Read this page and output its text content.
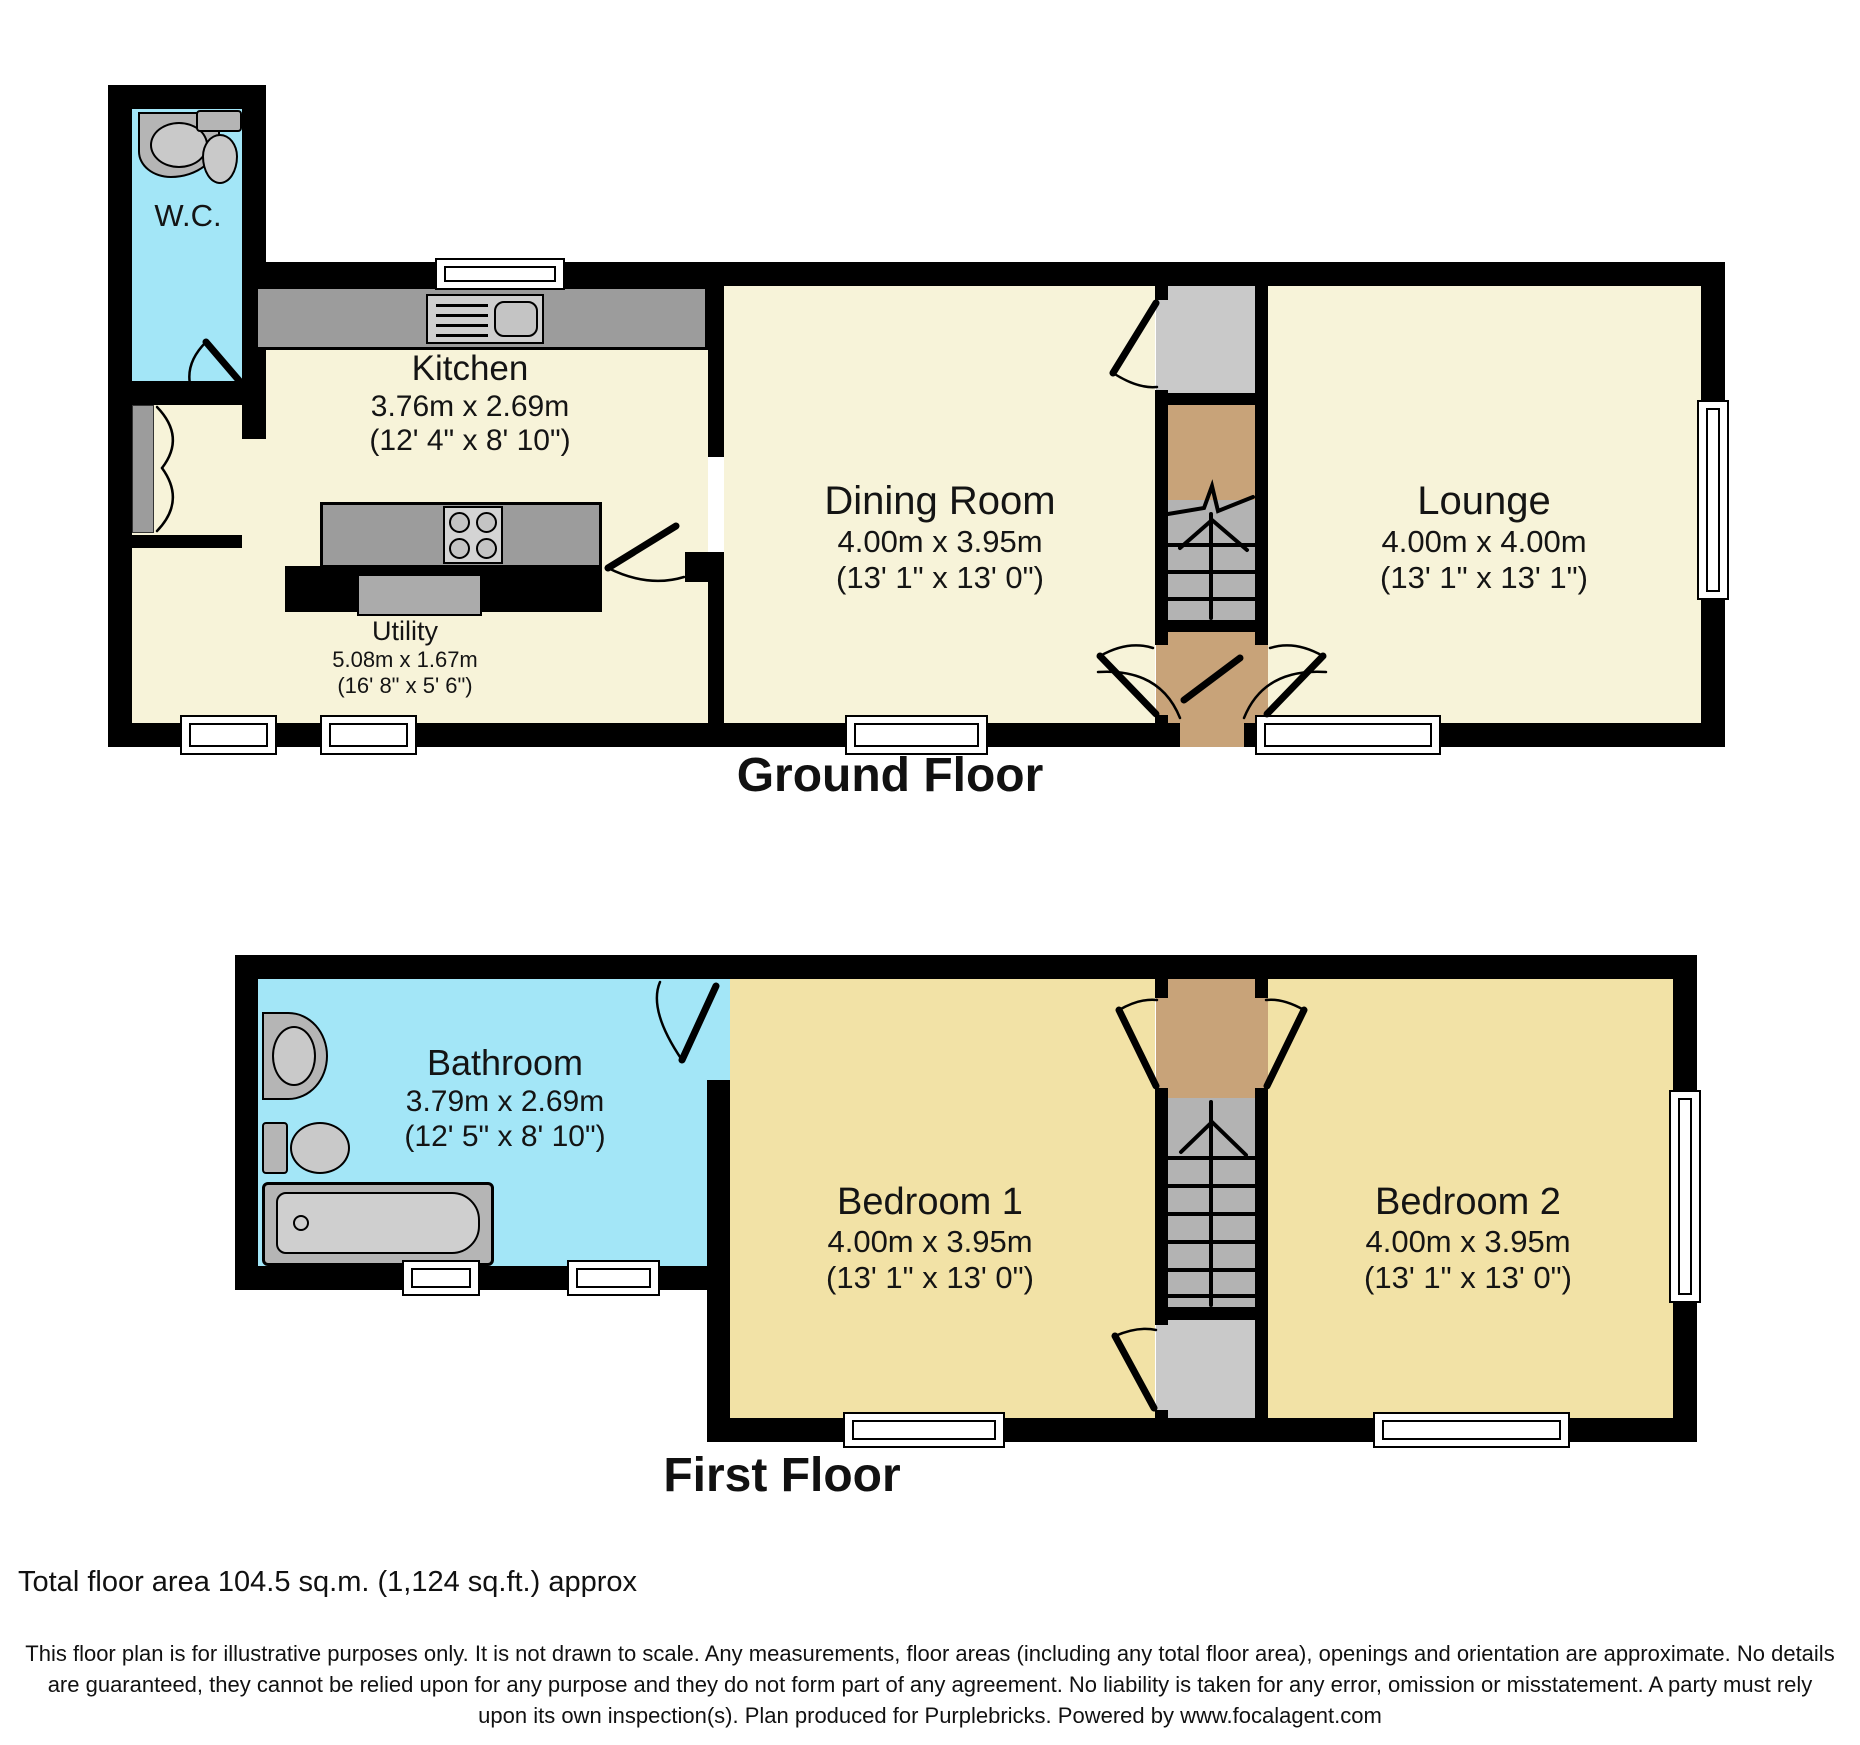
W.C.
Kitchen
3.76m x 2.69m
(12' 4" x 8' 10")
Utility
5.08m x 1.67m
(16' 8" x 5' 6")
Dining Room
4.00m x 3.95m
(13' 1" x 13' 0")
Lounge
4.00m x 4.00m
(13' 1" x 13' 1")
Bathroom
3.79m x 2.69m
(12' 5" x 8' 10")
Bedroom 1
4.00m x 3.95m
(13' 1" x 13' 0")
Bedroom 2
4.00m x 3.95m
(13' 1" x 13' 0")
Ground Floor
First Floor
Total floor area 104.5 sq.m. (1,124 sq.ft.) approx
This floor plan is for illustrative purposes only. It is not drawn to scale. Any measurements, floor areas (including any total floor area), openings and orientation are approximate. No details are guaranteed, they cannot be relied upon for any purpose and they do not form part of any agreement. No liability is taken for any error, omission or misstatement. A party must rely upon its own inspection(s). Plan produced for Purplebricks. Powered by www.focalagent.com
